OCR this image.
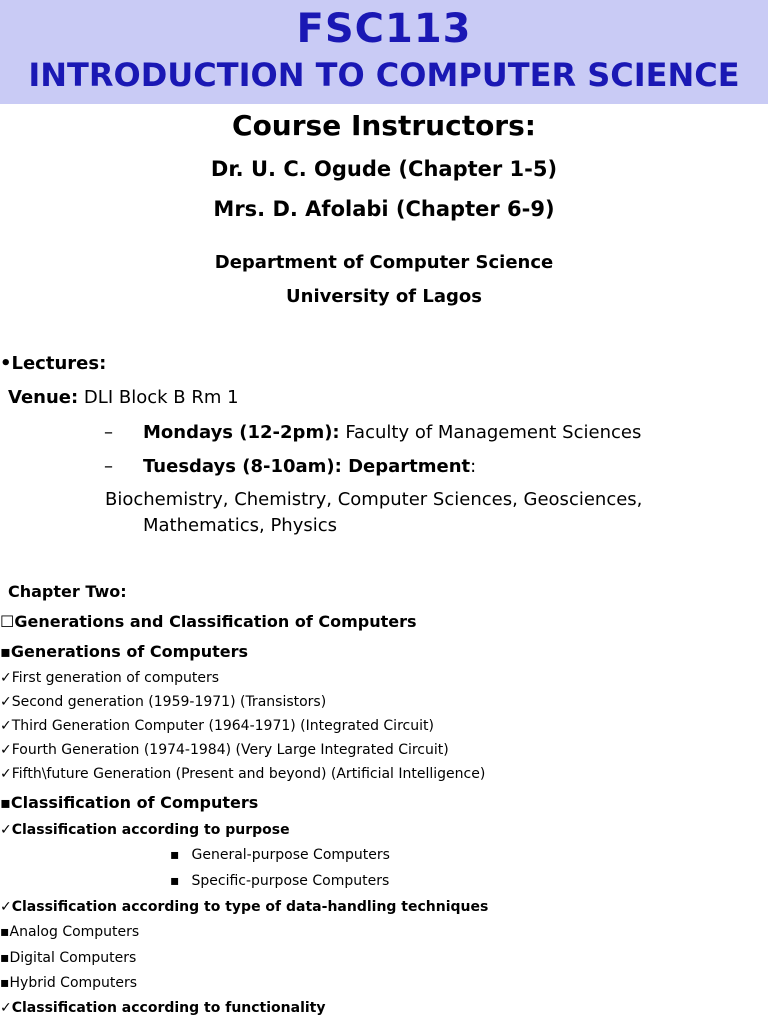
FSC113
INTRODUCTION TO COMPUTER SCIENCE
Course Instructors:
Dr. U. C. Ogude (Chapter 1-5)
Mrs. D. Afolabi (Chapter 6-9)
Department of Computer Science
University of Lagos
•Lectures:
Venue: DLI Block B Rm 1
– Mondays (12-2pm): Faculty of Management Sciences
– Tuesdays (8-10am): Department:
Biochemistry, Chemistry, Computer Sciences, Geosciences,
Mathematics, Physics
Chapter Two:
☐Generations and Classification of Computers
▪Generations of Computers
✓First generation of computers
✓Second generation (1959-1971) (Transistors)
✓Third Generation Computer (1964-1971) (Integrated Circuit)
✓Fourth Generation (1974-1984) (Very Large Integrated Circuit)
✓Fifth\future Generation (Present and beyond) (Artificial Intelligence)
▪Classification of Computers
✓Classification according to purpose
▪ General-purpose Computers
▪ Specific-purpose Computers
✓Classification according to type of data-handling techniques
▪Analog Computers
▪Digital Computers
▪Hybrid Computers
✓Classification according to functionality
